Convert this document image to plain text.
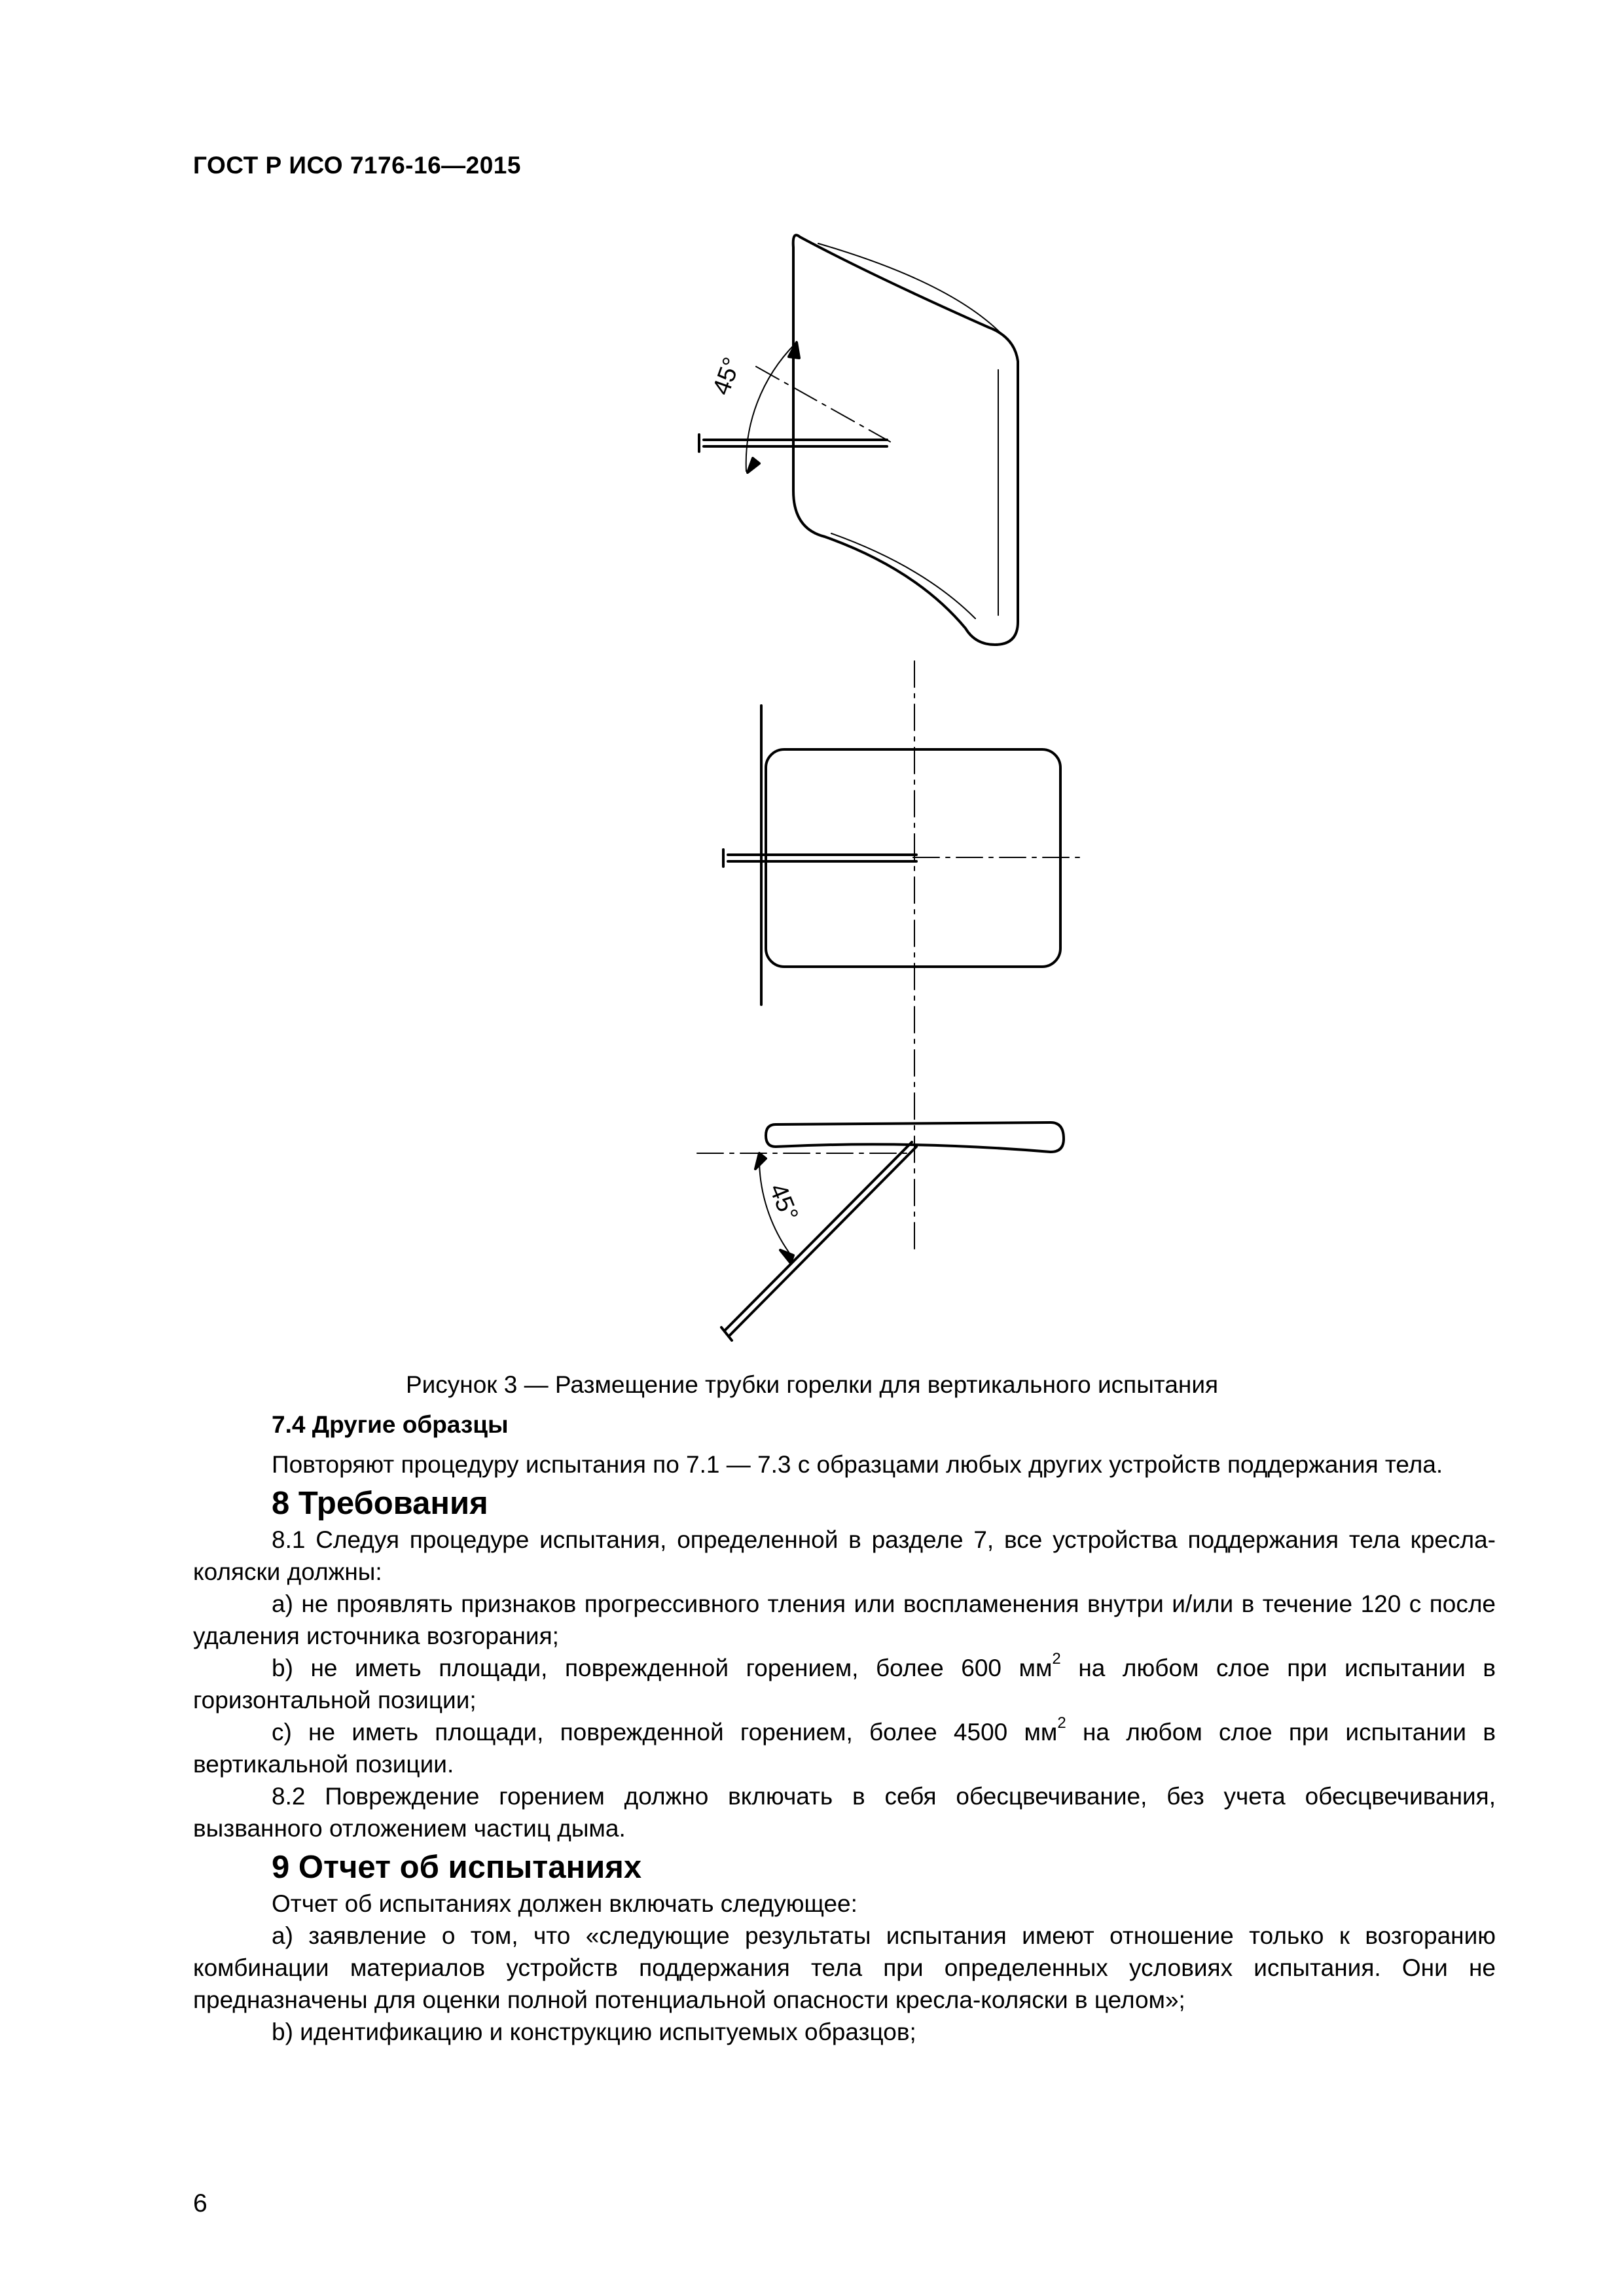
ГОСТ Р ИСО 7176-16—2015
45°
45°
Рисунок 3 — Размещение трубки горелки для вертикального испытания

7.4 Другие образцы

Повторяют процедуру испытания по 7.1 — 7.3 с образцами любых других устройств поддержания тела.

8 Требования

8.1 Следуя процедуре испытания, определенной в разделе 7, все устройства поддержания тела кресла-коляски должны:

a) не проявлять признаков прогрессивного тления или воспламенения внутри и/или в течение 120 с после удаления источника возгорания;

b) не иметь площади, поврежденной горением, более 600 $мм^2$ на любом слое при испытании в горизонтальной позиции;

c) не иметь площади, поврежденной горением, более 4500 $мм^2$ на любом слое при испытании в вертикальной позиции.

8.2 Повреждение горением должно включать в себя обесцвечивание, без учета обесцвечивания, вызванного отложением частиц дыма.

9 Отчет об испытаниях

Отчет об испытаниях должен включать следующее:

a) заявление о том, что «следующие результаты испытания имеют отношение только к возгоранию комбинации материалов устройств поддержания тела при определенных условиях испытания. Они не предназначены для оценки полной потенциальной опасности кресла-коляски в целом»;

b) идентификацию и конструкцию испытуемых образцов;

6
